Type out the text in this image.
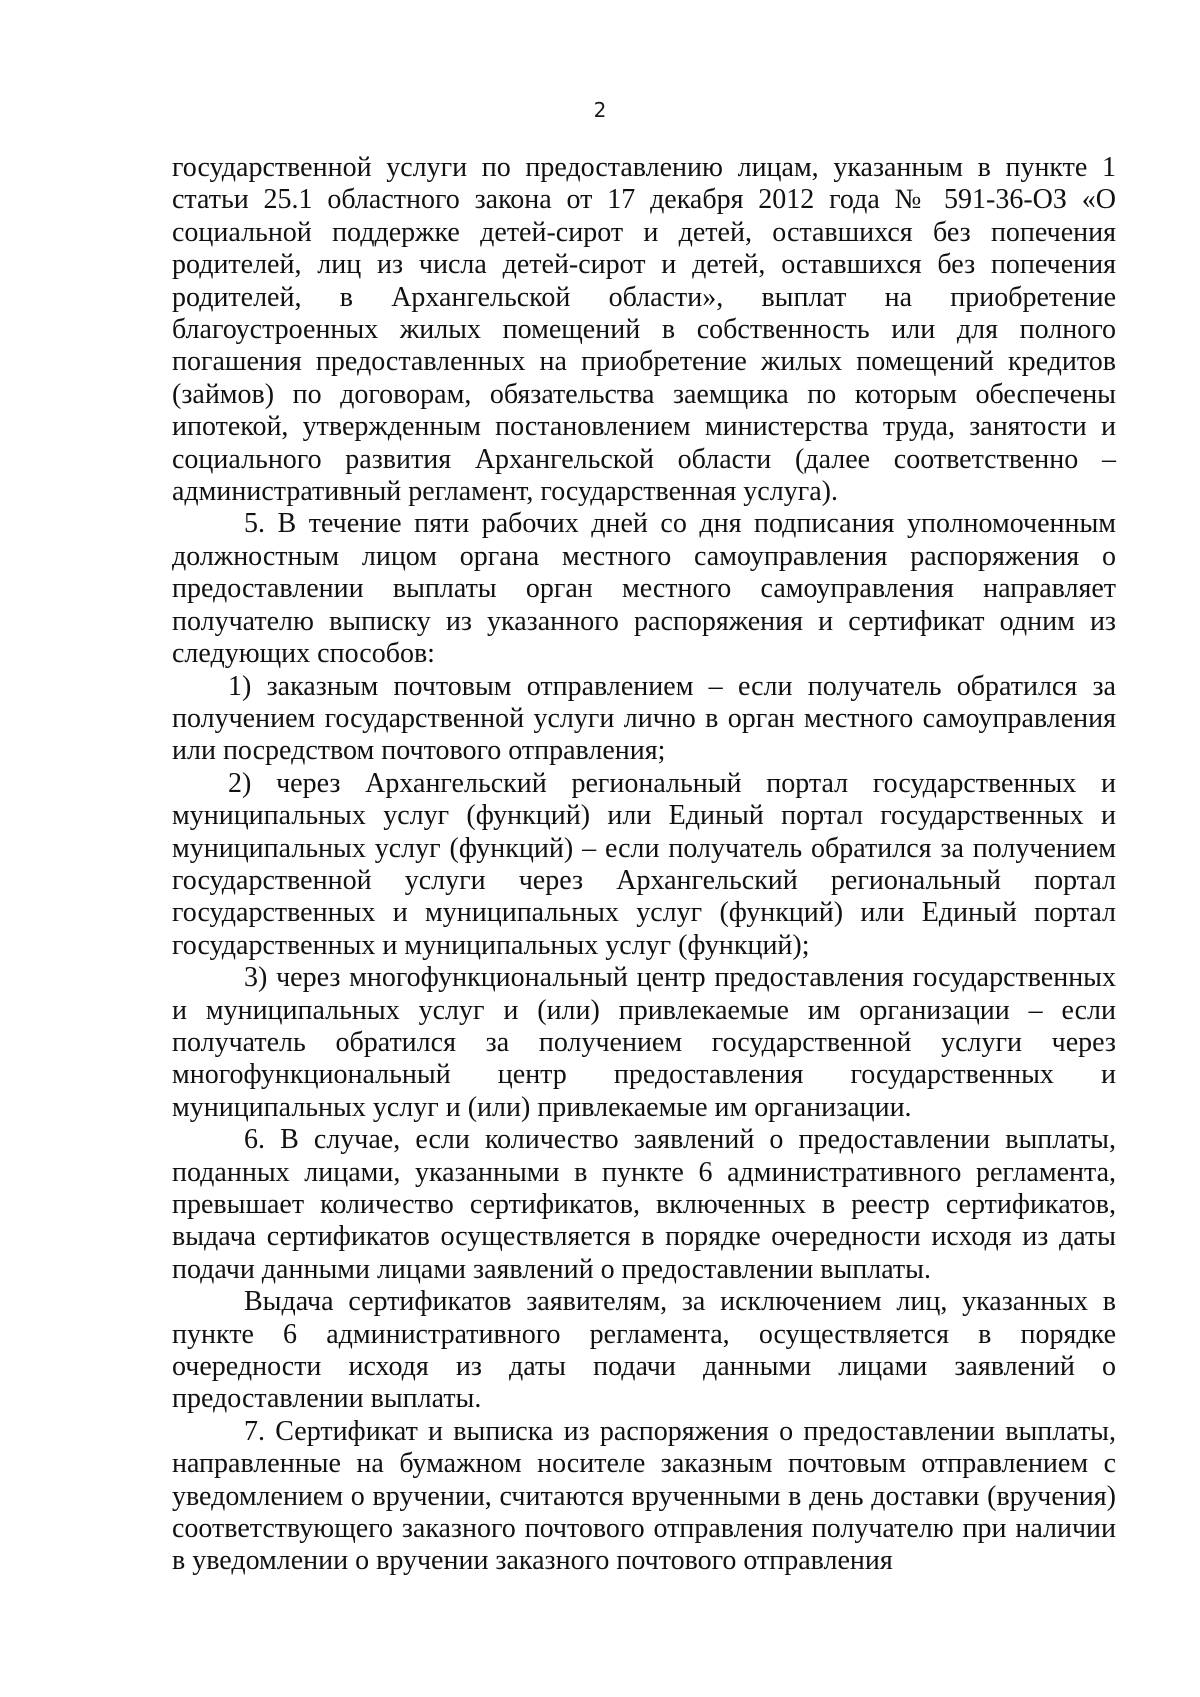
2

государственной услуги по предоставлению лицам, указанным в пункте 1 статьи 25.1 областного закона от 17 декабря 2012 года № 591-36-ОЗ «О социальной поддержке детей-сирот и детей, оставшихся без попечения родителей, лиц из числа детей-сирот и детей, оставшихся без попечения родителей, в Архангельской области», выплат на приобретение благоустроенных жилых помещений в собственность или для полного погашения предоставленных на приобретение жилых помещений кредитов (займов) по договорам, обязательства заемщика по которым обеспечены ипотекой, утвержденным постановлением министерства труда, занятости и социального развития Архангельской области (далее соответственно – административный регламент, государственная услуга).

5. В течение пяти рабочих дней со дня подписания уполномоченным должностным лицом органа местного самоуправления распоряжения о предоставлении выплаты орган местного самоуправления направляет получателю выписку из указанного распоряжения и сертификат одним из следующих способов:

1) заказным почтовым отправлением – если получатель обратился за получением государственной услуги лично в орган местного самоуправления или посредством почтового отправления;

2) через Архангельский региональный портал государственных и муниципальных услуг (функций) или Единый портал государственных и муниципальных услуг (функций) – если получатель обратился за получением государственной услуги через Архангельский региональный портал государственных и муниципальных услуг (функций) или Единый портал государственных и муниципальных услуг (функций);

3) через многофункциональный центр предоставления государственных и муниципальных услуг и (или) привлекаемые им организации – если получатель обратился за получением государственной услуги через многофункциональный центр предоставления государственных и муниципальных услуг и (или) привлекаемые им организации.

6. В случае, если количество заявлений о предоставлении выплаты, поданных лицами, указанными в пункте 6 административного регламента, превышает количество сертификатов, включенных в реестр сертификатов, выдача сертификатов осуществляется в порядке очередности исходя из даты подачи данными лицами заявлений о предоставлении выплаты.

Выдача сертификатов заявителям, за исключением лиц, указанных в пункте 6 административного регламента, осуществляется в порядке очередности исходя из даты подачи данными лицами заявлений о предоставлении выплаты.

7. Сертификат и выписка из распоряжения о предоставлении выплаты, направленные на бумажном носителе заказным почтовым отправлением с уведомлением о вручении, считаются врученными в день доставки (вручения) соответствующего заказного почтового отправления получателю при наличии в уведомлении о вручении заказного почтового отправления
